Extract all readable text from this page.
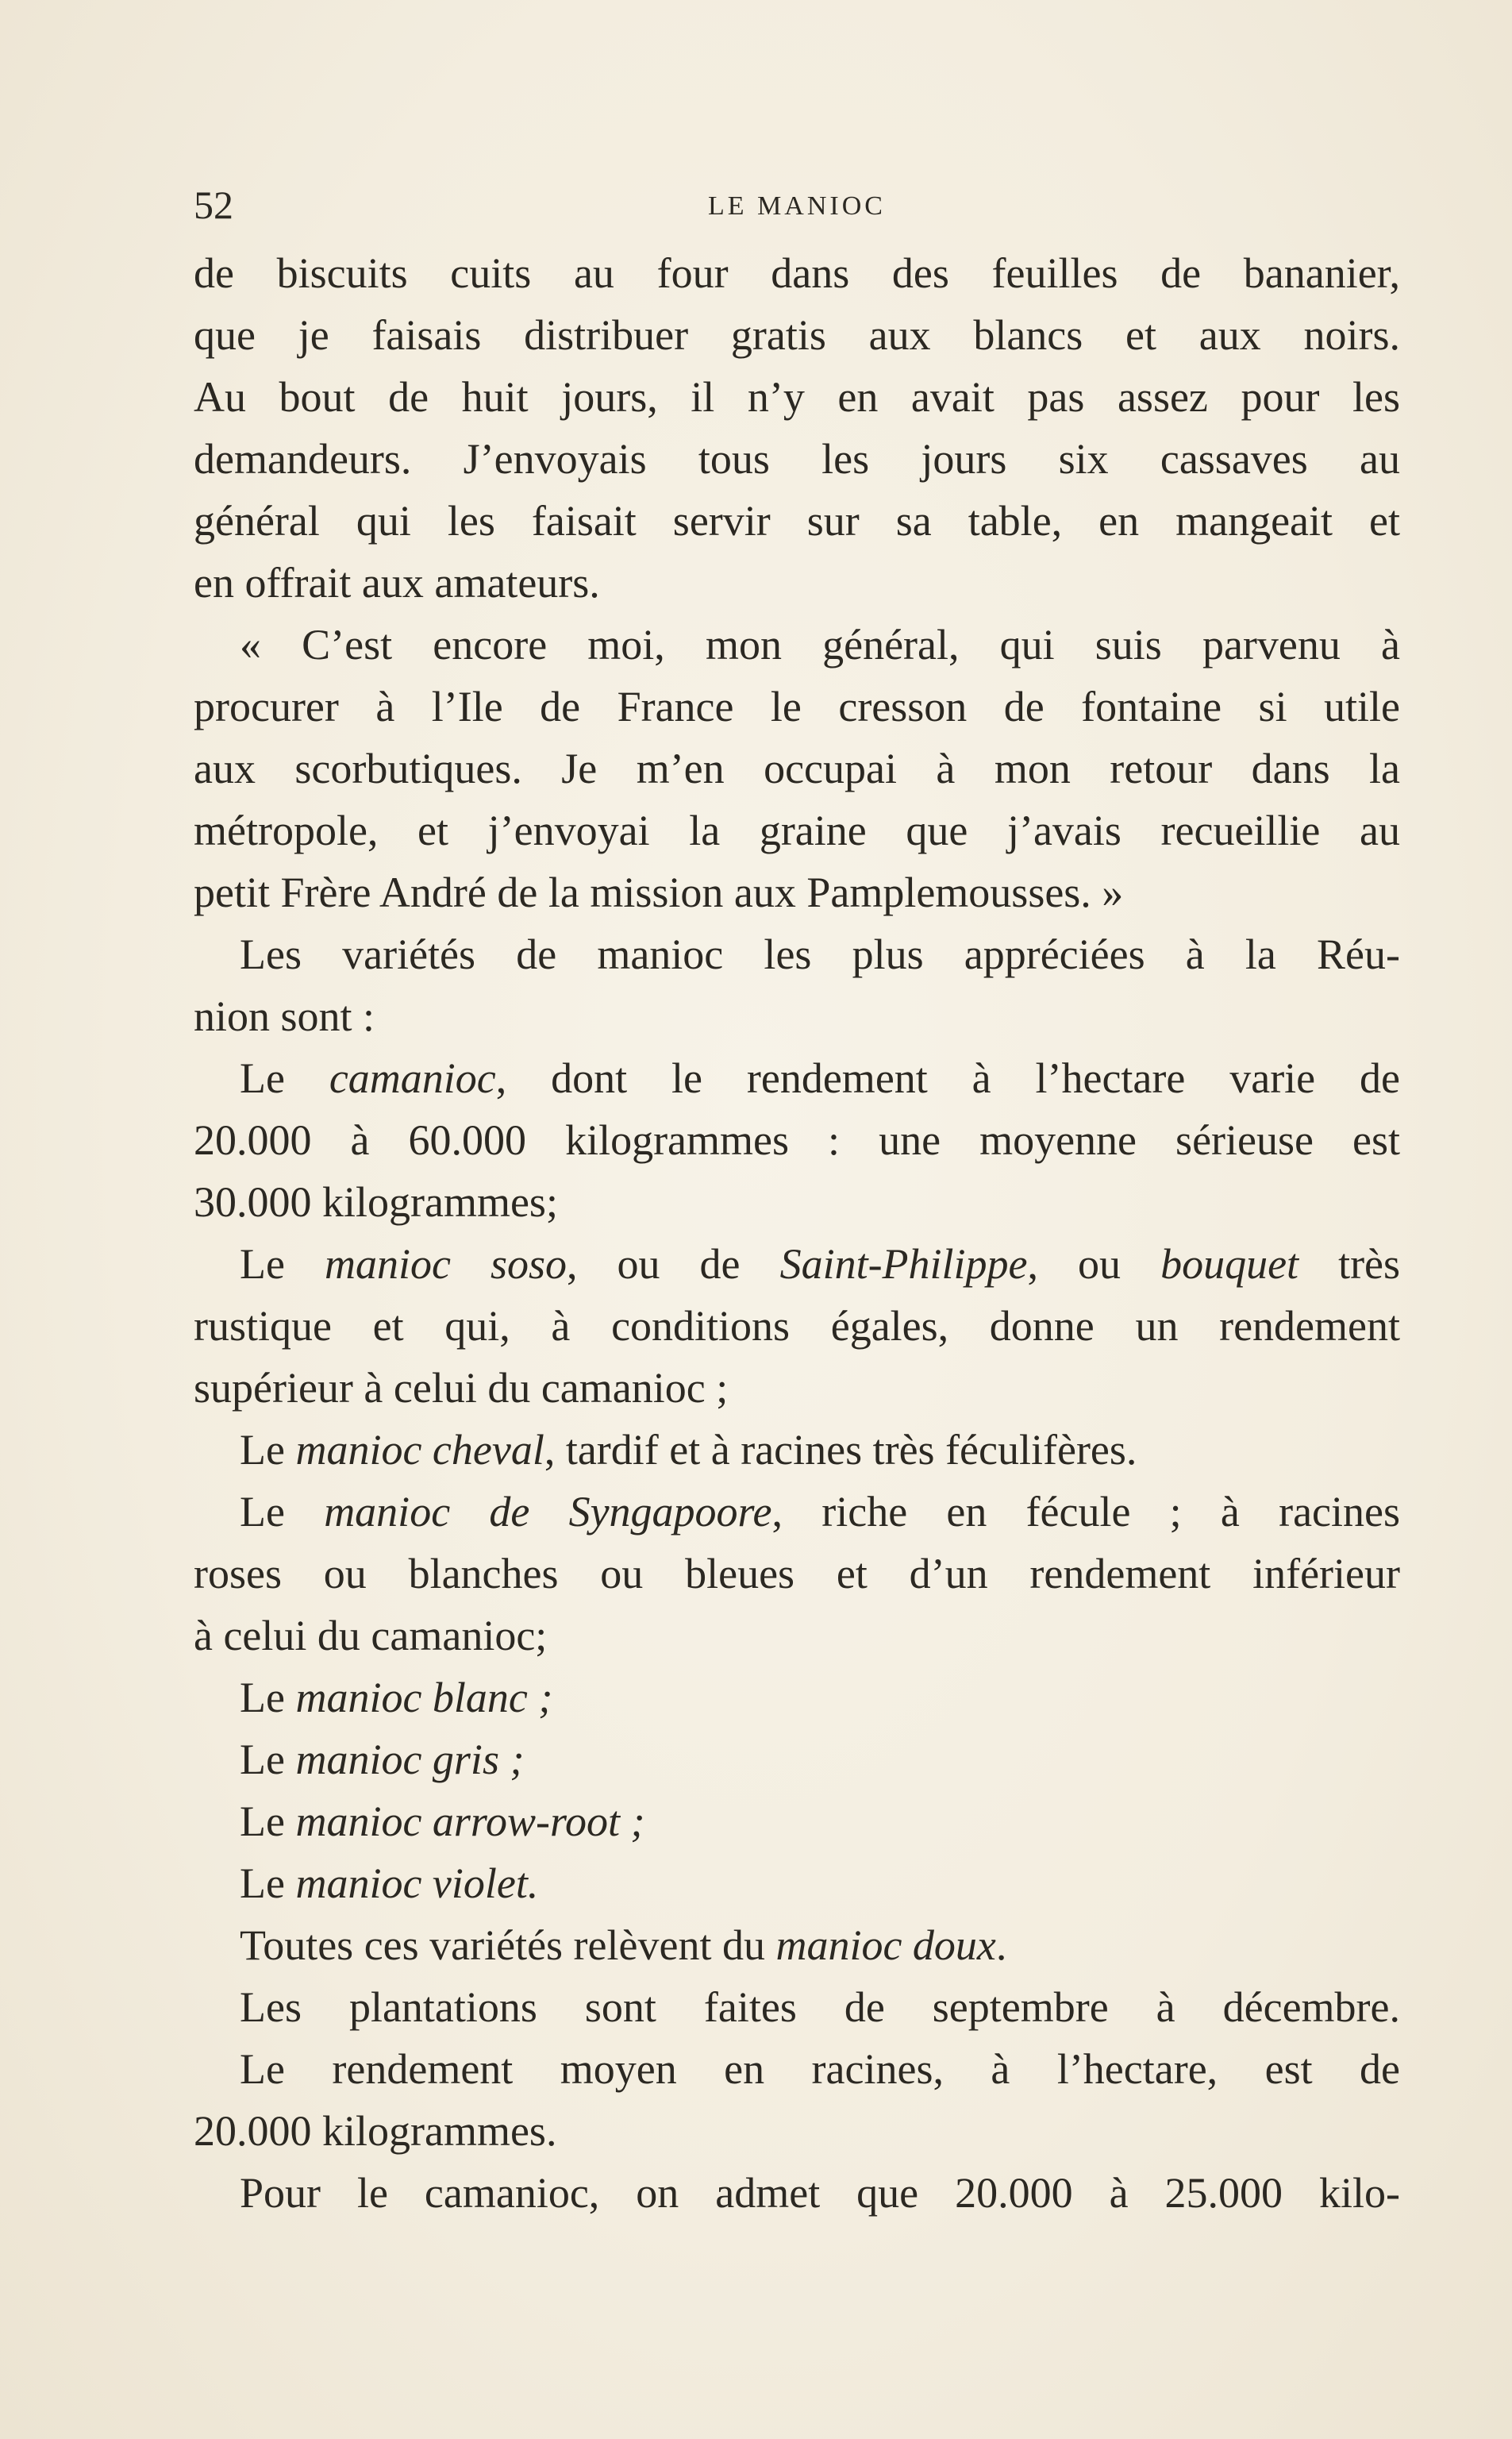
52	LE MANIOC
de biscuits cuits au four dans des feuilles de bananier,
que je faisais distribuer gratis aux blancs et aux noirs.
Au bout de huit jours, il n’y en avait pas assez pour les
demandeurs. J’envoyais tous les jours six cassaves au
général qui les faisait servir sur sa table, en mangeait et
en offrait aux amateurs.
« C’est encore moi, mon général, qui suis parvenu à
procurer à l’Ile de France le cresson de fontaine si utile
aux scorbutiques. Je m’en occupai à mon retour dans la
métropole, et j’envoyai la graine que j’avais recueillie au
petit Frère André de la mission aux Pamplemousses. »
Les variétés de manioc les plus appréciées à la Réu-
nion sont :
Le camanioc, dont le rendement à l’hectare varie de
20.000 à 60.000 kilogrammes : une moyenne sérieuse est
30.000 kilogrammes;
Le manioc soso, ou de Saint-Philippe, ou bouquet très
rustique et qui, à conditions égales, donne un rendement
supérieur à celui du camanioc ;
Le manioc cheval, tardif et à racines très féculifères.
Le manioc de Syngapoore, riche en fécule ; à racines
roses ou blanches ou bleues et d’un rendement inférieur
à celui du camanioc;
Le manioc blanc ;
Le manioc gris ;
Le manioc arrow-root ;
Le manioc violet.
Toutes ces variétés relèvent du manioc doux.
Les plantations sont faites de septembre à décembre.
Le rendement moyen en racines, à l’hectare, est de
20.000 kilogrammes.
Pour le camanioc, on admet que 20.000 à 25.000 kilo-
